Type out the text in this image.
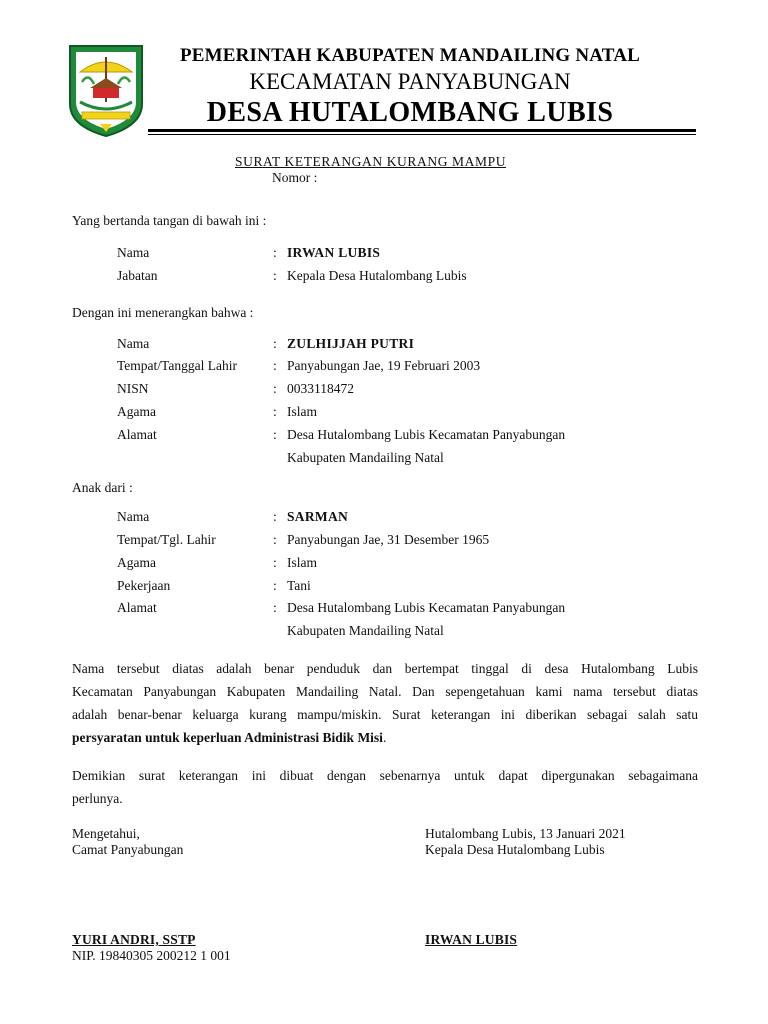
PEMERINTAH KABUPATEN MANDAILING NATAL
KECAMATAN PANYABUNGAN
DESA HUTALOMBANG LUBIS
SURAT KETERANGAN KURANG MAMPU
Nomor :
Yang bertanda tangan di bawah ini :
Nama	: IRWAN LUBIS
Jabatan	: Kepala Desa Hutalombang Lubis
Dengan ini menerangkan bahwa :
Nama	: ZULHIJJAH PUTRI
Tempat/Tanggal Lahir	: Panyabungan Jae, 19 Februari 2003
NISN	: 0033118472
Agama	: Islam
Alamat	: Desa Hutalombang Lubis Kecamatan Panyabungan
Kabupaten Mandailing Natal
Anak dari :
Nama	: SARMAN
Tempat/Tgl. Lahir	: Panyabungan Jae, 31 Desember 1965
Agama	: Islam
Pekerjaan	: Tani
Alamat	: Desa Hutalombang Lubis Kecamatan Panyabungan
Kabupaten Mandailing Natal
Nama tersebut diatas adalah benar penduduk dan bertempat tinggal di desa Hutalombang Lubis
Kecamatan Panyabungan Kabupaten Mandailing Natal. Dan sepengetahuan kami nama tersebut diatas
adalah benar-benar keluarga kurang mampu/miskin. Surat keterangan ini diberikan sebagai salah satu
persyaratan untuk keperluan Administrasi Bidik Misi.
Demikian surat keterangan ini dibuat dengan sebenarnya untuk dapat dipergunakan sebagaimana
perlunya.
Mengetahui,
Camat Panyabungan
YURI ANDRI, SSTP
NIP. 19840305 200212 1 001
Hutalombang Lubis, 13 Januari 2021
Kepala Desa Hutalombang Lubis
IRWAN LUBIS
